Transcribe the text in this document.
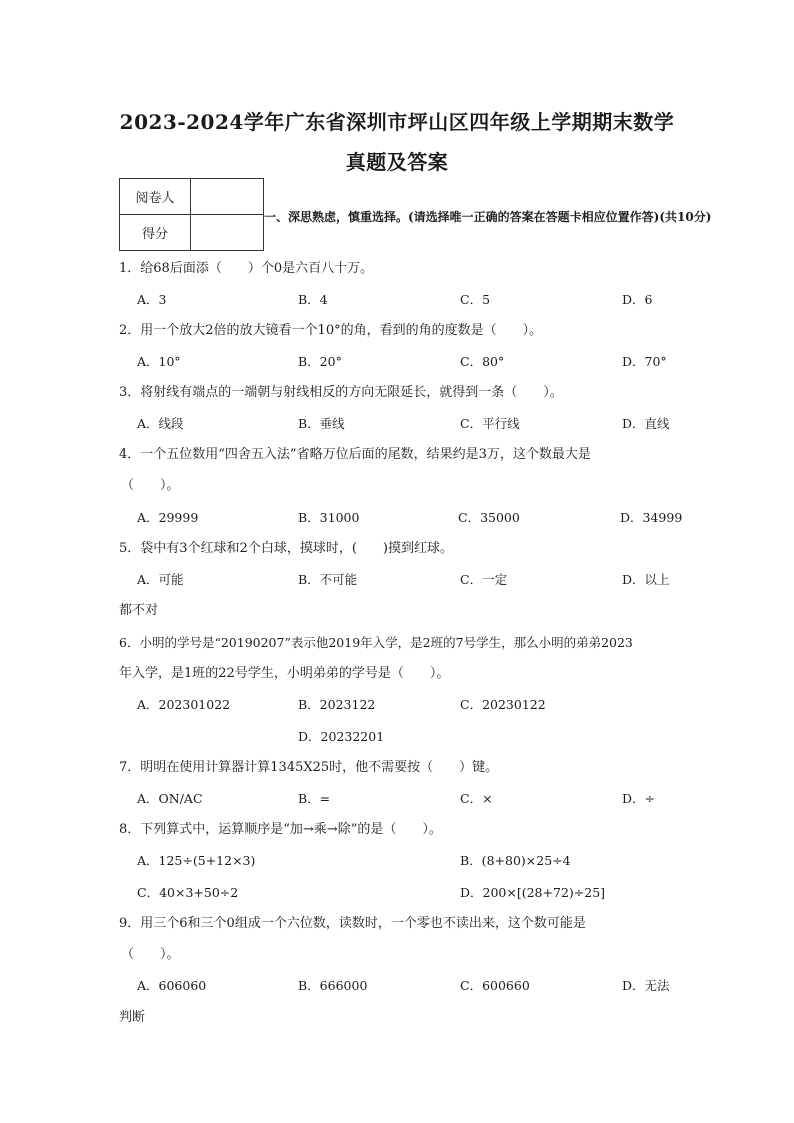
2023-2024学年广东省深圳市坪山区四年级上学期期末数学
真题及答案
阅卷人	
得分	
一、深思熟虑，慎重选择。(请选择唯一正确的答案在答题卡相应位置作答)(共10分)
1．给68后面添（　　）个0是六百八十万。
A．3	B．4	C．5	D．6
2．用一个放大2倍的放大镜看一个10°的角，看到的角的度数是（　　）。
A．10°	B．20°	C．80°	D．70°
3．将射线有端点的一端朝与射线相反的方向无限延长，就得到一条（　　）。
A．线段	B．垂线	C．平行线	D．直线
4．一个五位数用“四舍五入法”省略万位后面的尾数，结果约是3万，这个数最大是
（　　）。
A．29999	B．31000	C．35000	D．34999
5．袋中有3个红球和2个白球，摸球时，(　　)摸到红球。
A．可能	B．不可能	C．一定	D．以上
都不对
6．小明的学号是“20190207”表示他2019年入学，是2班的7号学生，那么小明的弟弟2023
年入学，是1班的22号学生，小明弟弟的学号是（　　）。
A．202301022	B．2023122	C．20230122
D．20232201
7．明明在使用计算器计算1345X25时，他不需要按（　　）键。
A．ON/AC	B．=	C．×	D．÷
8．下列算式中，运算顺序是“加→乘→除”的是（　　）。
A．125÷(5+12×3)	B．(8+80)×25÷4
C．40×3+50÷2	D．200×[(28+72)÷25]
9．用三个6和三个0组成一个六位数，读数时，一个零也不读出来，这个数可能是
（　　）。
A．606060	B．666000	C．600660	D．无法
判断
